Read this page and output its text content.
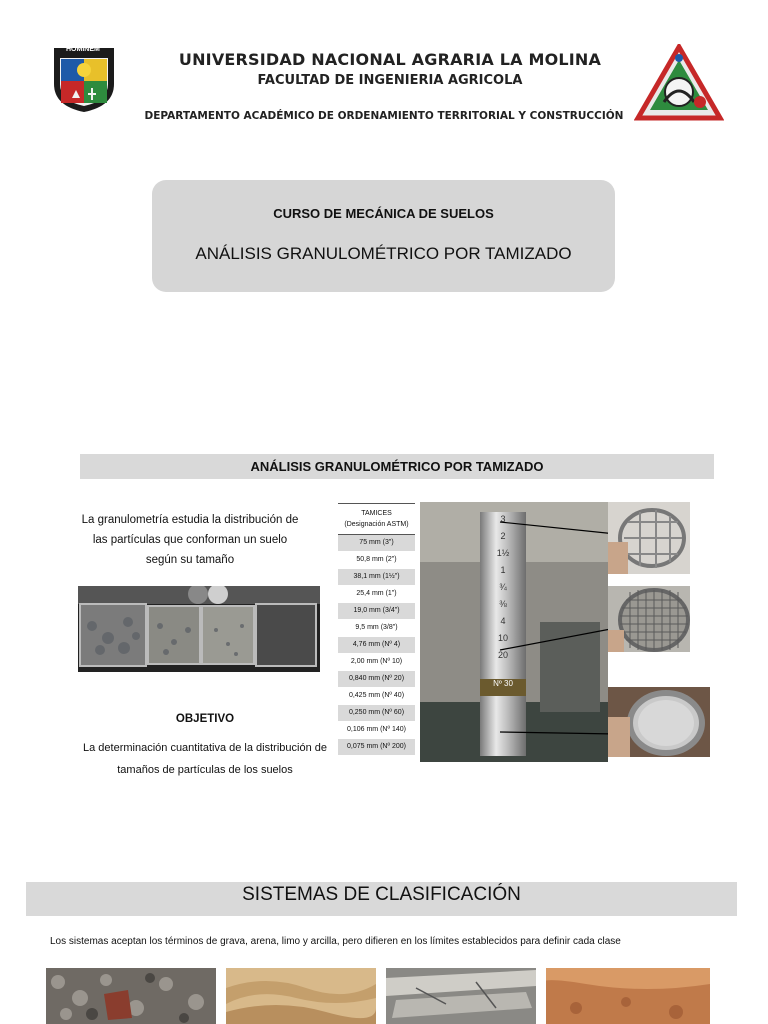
HOMINEM
UNIVERSIDAD NACIONAL AGRARIA LA MOLINA
FACULTAD DE INGENIERIA AGRICOLA
DEPARTAMENTO ACADÉMICO DE ORDENAMIENTO TERRITORIAL Y CONSTRUCCIÓN
CURSO DE MECÁNICA DE SUELOS
ANÁLISIS GRANULOMÉTRICO POR TAMIZADO
ANÁLISIS GRANULOMÉTRICO POR TAMIZADO
La granulometría estudia la distribución de
las partículas que conforman un suelo
según su tamaño
OBJETIVO
La determinación cuantitativa de la distribución de
tamaños de partículas de los suelos
TAMICES
(Designación ASTM)
75 mm (3")
50,8 mm (2")
38,1 mm (1½")
25,4 mm (1")
19,0 mm (3/4")
9,5 mm (3/8")
4,76 mm (Nº 4)
2,00 mm (Nº 10)
0,840 mm (Nº 20)
0,425 mm (Nº 40)
0,250 mm (Nº 60)
0,106 mm (Nº 140)
0,075 mm (Nº 200)
3
2
1½
1
¾
⅜
4
10
20
Nº 30
SISTEMAS DE CLASIFICACIÓN
Los sistemas aceptan los términos de grava, arena, limo y arcilla, pero difieren en los límites establecidos para definir cada clase
